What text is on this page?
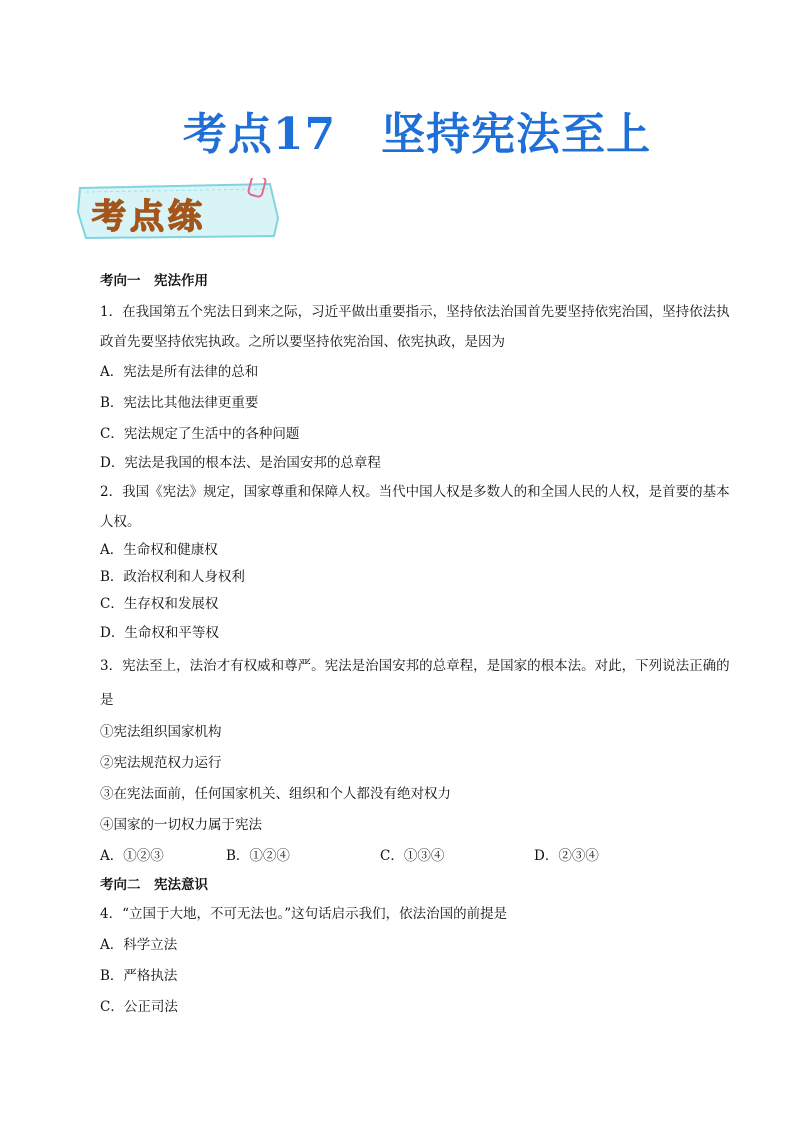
考点17　坚持宪法至上
考点练
考向一　宪法作用
1．在我国第五个宪法日到来之际，习近平做出重要指示，坚持依法治国首先要坚持依宪治国，坚持依法执政首先要坚持依宪执政。之所以要坚持依宪治国、依宪执政，是因为
A．宪法是所有法律的总和
B．宪法比其他法律更重要
C．宪法规定了生活中的各种问题
D．宪法是我国的根本法、是治国安邦的总章程
2．我国《宪法》规定，国家尊重和保障人权。当代中国人权是多数人的和全国人民的人权，是首要的基本人权。
A．生命权和健康权
B．政治权利和人身权利
C．生存权和发展权
D．生命权和平等权
3．宪法至上，法治才有权威和尊严。宪法是治国安邦的总章程，是国家的根本法。对此，下列说法正确的是
①宪法组织国家机构
②宪法规范权力运行
③在宪法面前，任何国家机关、组织和个人都没有绝对权力
④国家的一切权力属于宪法
A．①②③	B．①②④	C．①③④	D．②③④
考向二　宪法意识
4．“立国于大地，不可无法也。”这句话启示我们，依法治国的前提是
A．科学立法
B．严格执法
C．公正司法
